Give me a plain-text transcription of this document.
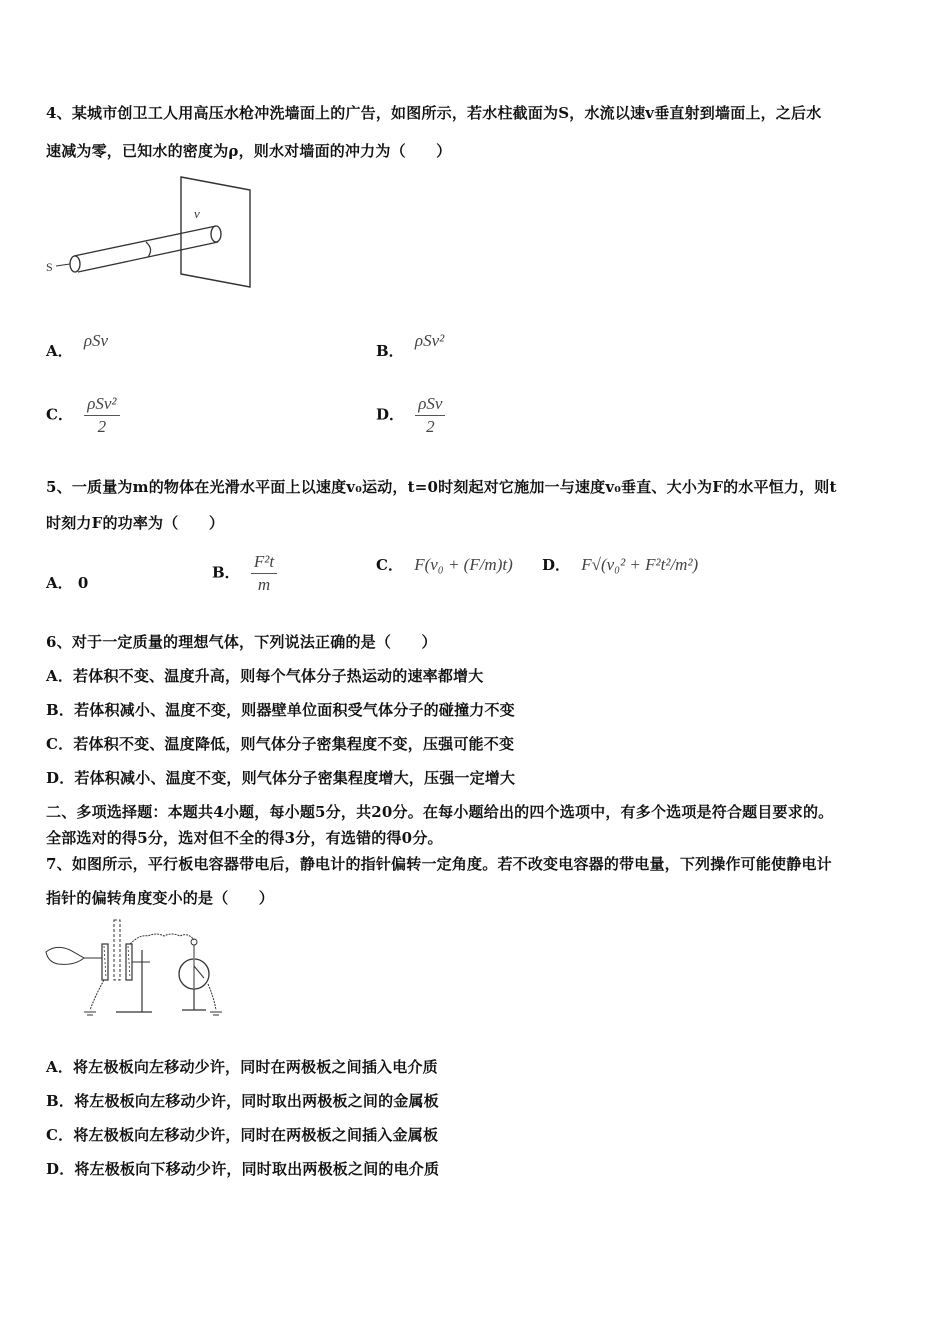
4、某城市创卫工人用高压水枪冲洗墙面上的广告，如图所示，若水柱截面为S，水流以速v垂直射到墙面上，之后水
速减为零，已知水的密度为ρ，则水对墙面的冲力为（　　）
v
S
A． ρSv
B． ρSv²
C． $\frac{\text{ρSv²}}{2}$	D． $\frac{\text{ρSv}}{2}$
5、一质量为m的物体在光滑水平面上以速度v₀运动，t=0时刻起对它施加一与速度v₀垂直、大小为F的水平恒力，则t
时刻力F的功率为（　　）
A． 0
B． $\frac{\text{F²t}}{m}$	C． F(v₀ + (F/m)t) D． F√(v₀² + F²t²/m²)
6、对于一定质量的理想气体，下列说法正确的是（　　）
A．若体积不变、温度升高，则每个气体分子热运动的速率都增大
B．若体积减小、温度不变，则器壁单位面积受气体分子的碰撞力不变
C．若体积不变、温度降低，则气体分子密集程度不变，压强可能不变
D．若体积减小、温度不变，则气体分子密集程度增大，压强一定增大
二、多项选择题：本题共4小题，每小题5分，共20分。在每小题给出的四个选项中，有多个选项是符合题目要求的。
全部选对的得5分，选对但不全的得3分，有选错的得0分。
7、如图所示，平行板电容器带电后，静电计的指针偏转一定角度。若不改变电容器的带电量，下列操作可能使静电计
指针的偏转角度变小的是（　　）
A．将左极板向左移动少许，同时在两极板之间插入电介质
B．将左极板向左移动少许，同时取出两极板之间的金属板
C．将左极板向左移动少许，同时在两极板之间插入金属板
D．将左极板向下移动少许，同时取出两极板之间的电介质
